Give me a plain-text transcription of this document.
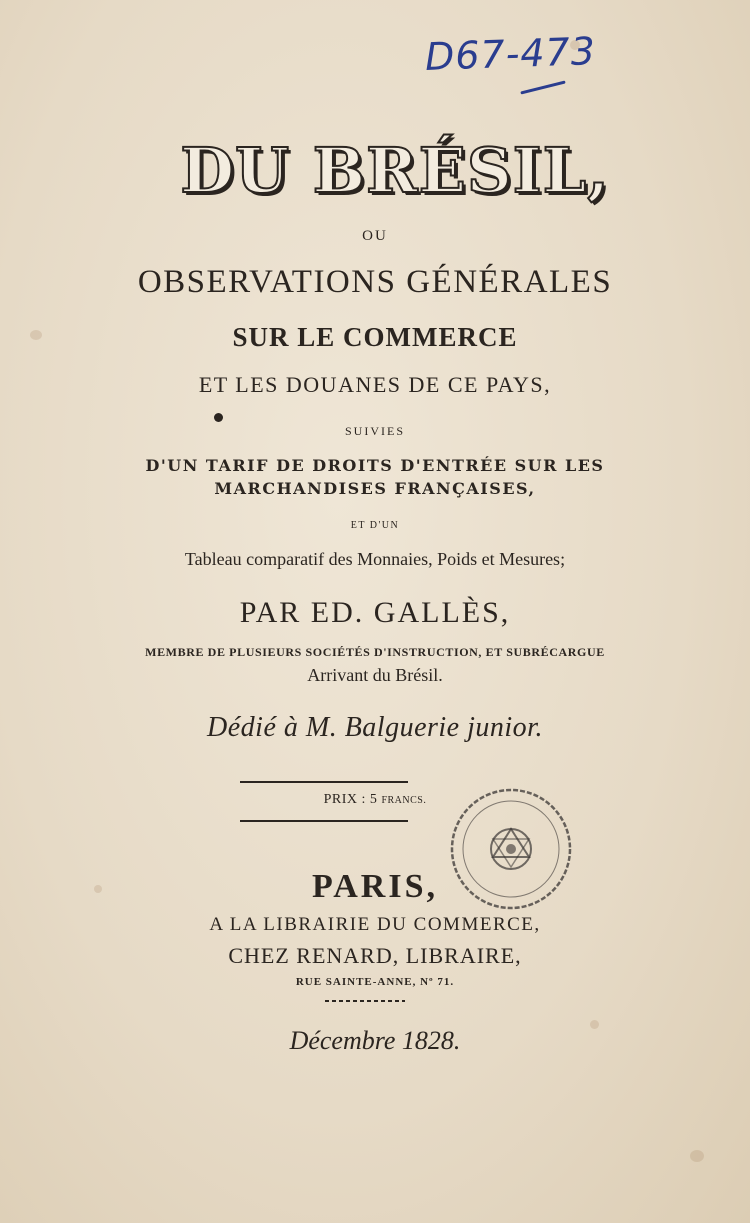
D67-473
DU BRÉSIL,
OU
OBSERVATIONS GÉNÉRALES
SUR LE COMMERCE
ET LES DOUANES DE CE PAYS,
SUIVIES
D'UN TARIF DE DROITS D'ENTRÉE SUR LES
MARCHANDISES FRANÇAISES,
ET D'UN
Tableau comparatif des Monnaies, Poids et Mesures;
PAR ED. GALLÈS,
MEMBRE DE PLUSIEURS SOCIÉTÉS D'INSTRUCTION, ET SUBRÉCARGUE
Arrivant du Brésil.
Dédié à M. Balguerie junior.
PRIX : 5 FRANCS.
PARIS,
A LA LIBRAIRIE DU COMMERCE,
CHEZ RENARD, LIBRAIRE,
RUE SAINTE-ANNE, Nº 71.
Décembre 1828.
